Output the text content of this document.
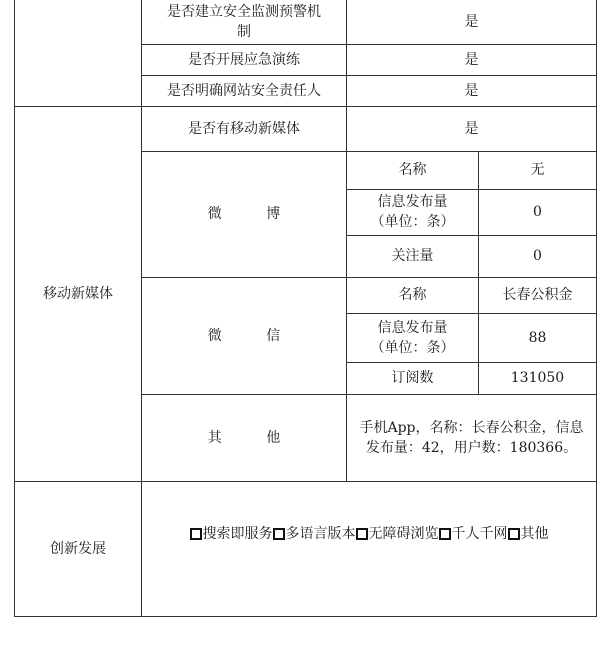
	是否建立安全监测预警机制	是	
	是否开展应急演练	是	
	是否明确网站安全责任人	是	
移动新媒体	是否有移动新媒体	是	
	微 博	名称	无
		信息发布量（单位：条）	0
		关注量	0
	微 信	名称	长春公积金
		信息发布量（单位：条）	88
		订阅数	131050
	其 他	手机App，名称：长春公积金，信息发布量：42，用户数：180366。	
创新发展	搜索即服务 多语言版本 无障碍浏览 千人千网 其他		
